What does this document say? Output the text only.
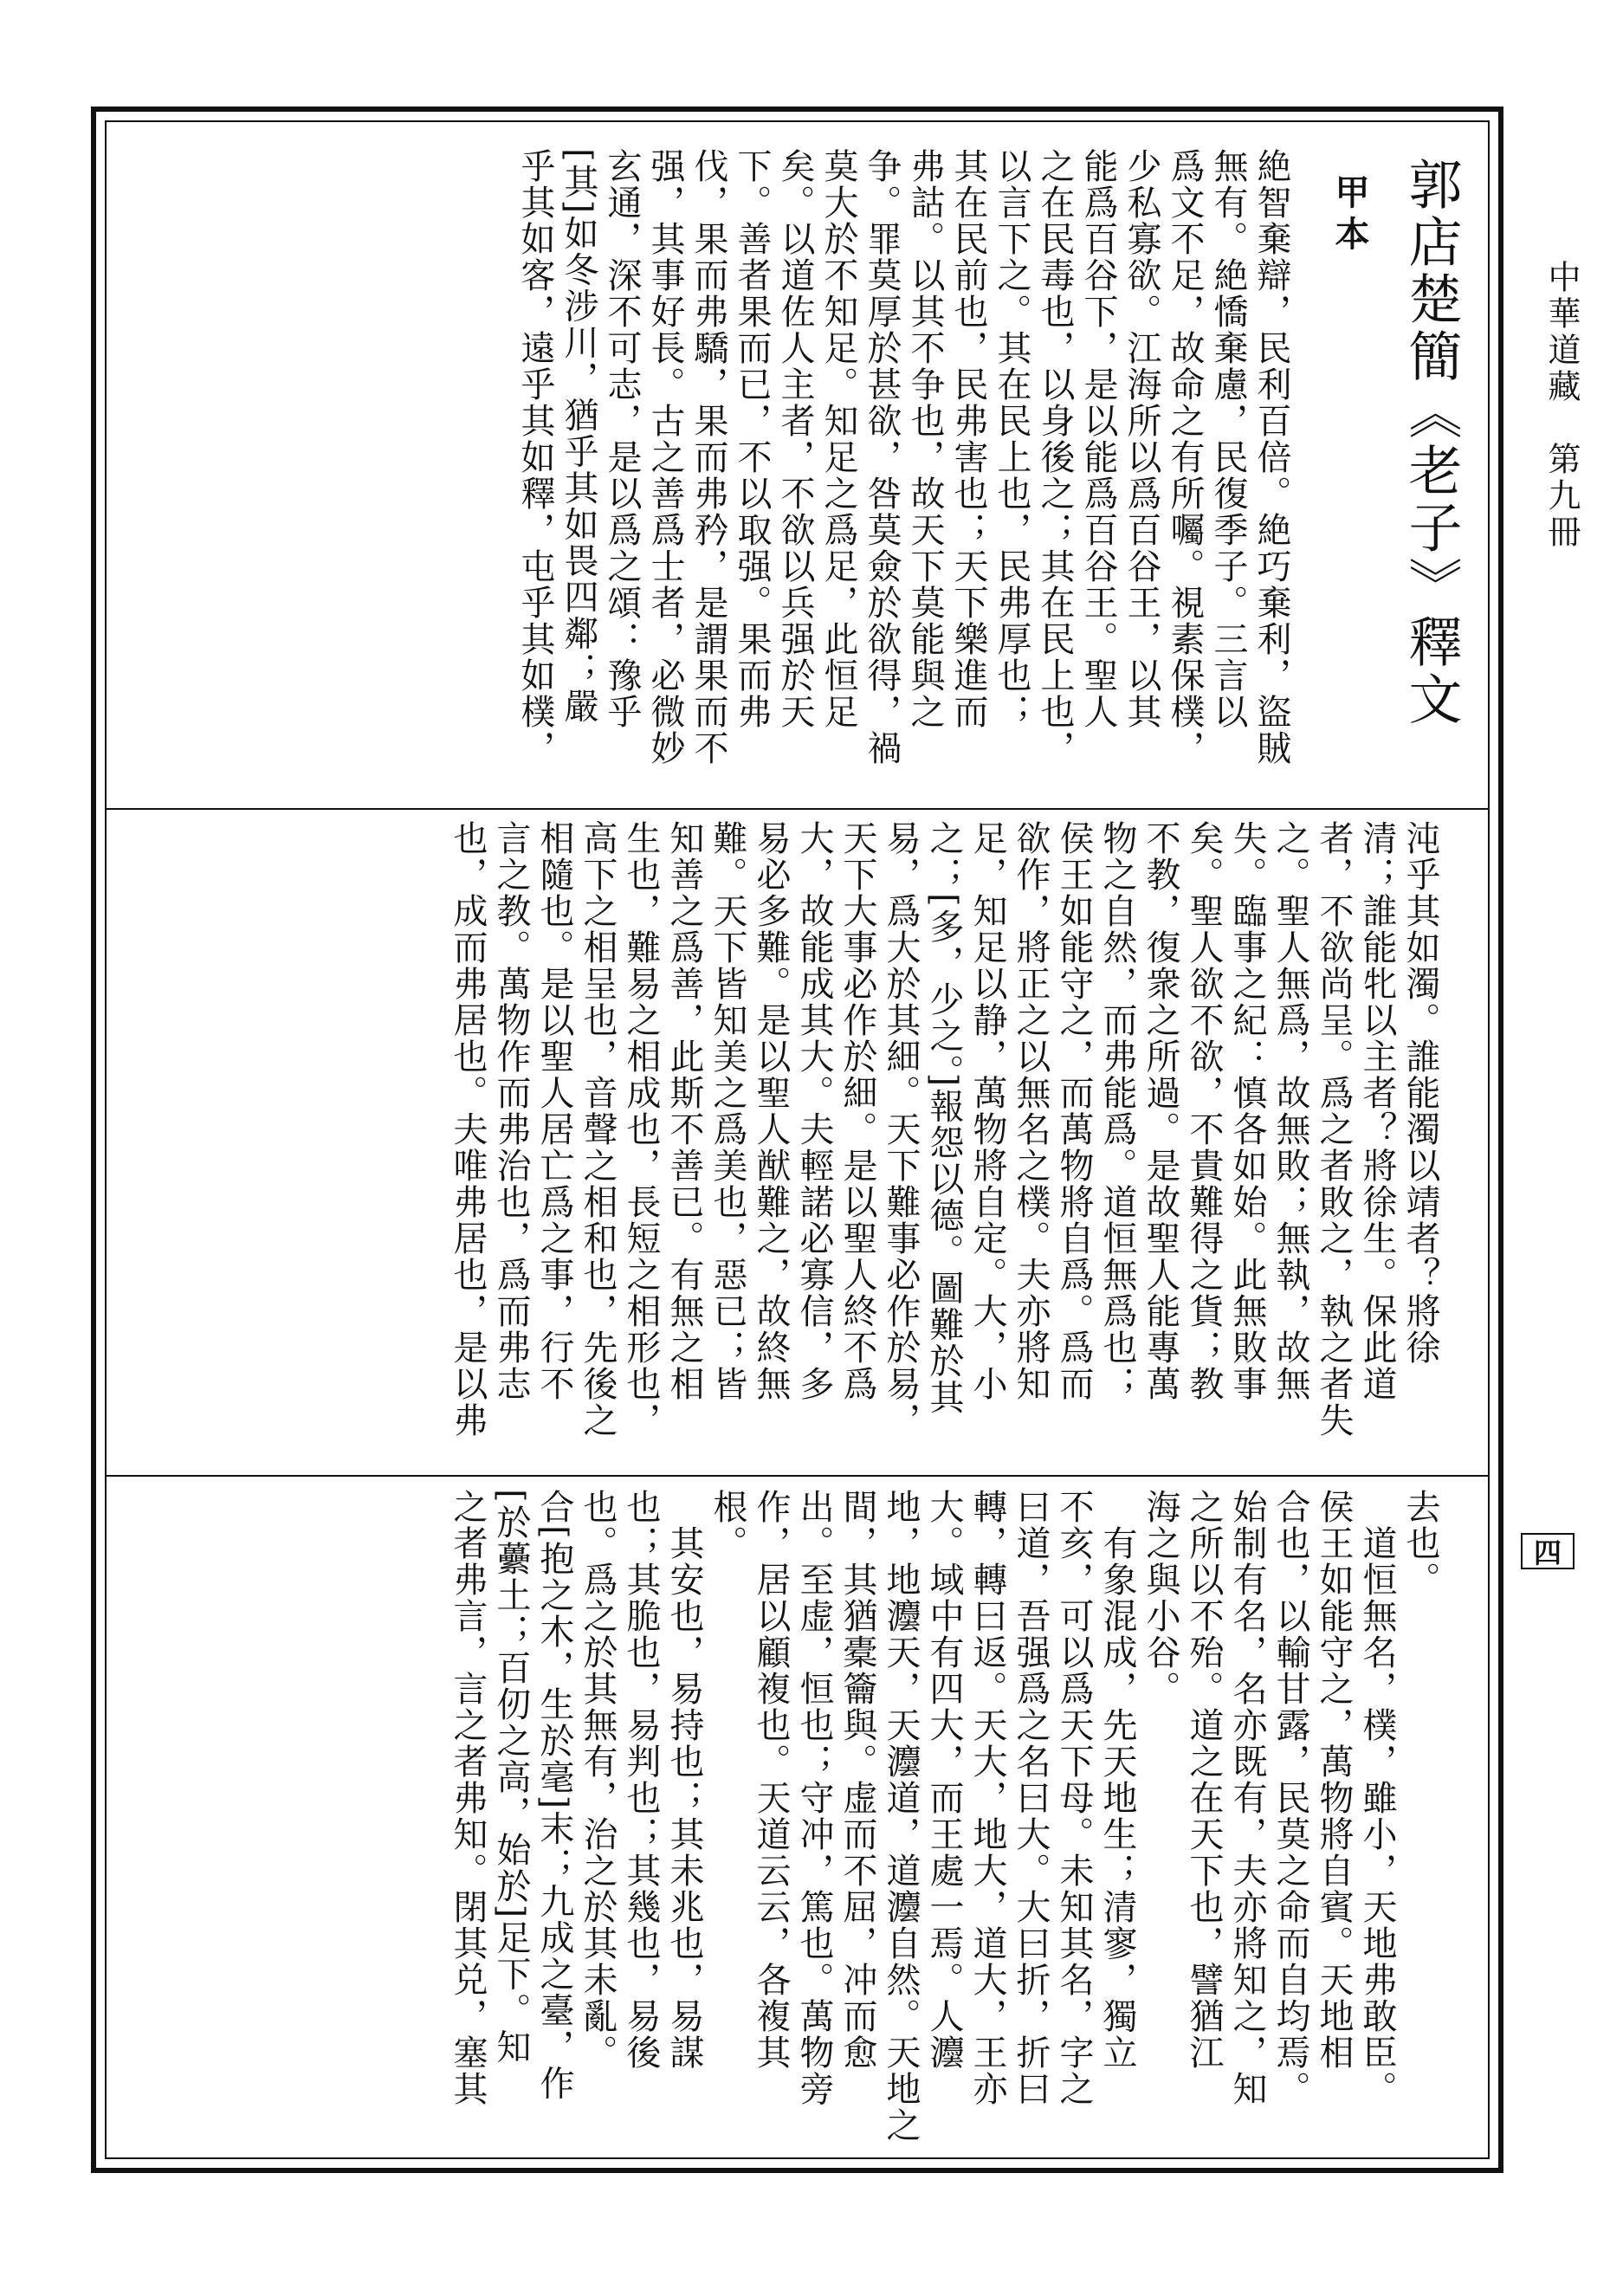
郭店楚簡《老子》釋文
甲本
絶智棄辯，民利百倍。絶巧棄利，盜賊
無有。絶憍棄慮，民復季子。三言以
爲文不足，故命之有所囑。視素保樸，
少私寡欲。江海所以爲百谷王，以其
能爲百谷下，是以能爲百谷王。聖人
之在民毒也，以身後之；其在民上也，
以言下之。其在民上也，民弗厚也；
其在民前也，民弗害也；天下樂進而
弗詁。以其不争也，故天下莫能與之
争。罪莫厚於甚欲，咎莫僉於欲得，禍
莫大於不知足。知足之爲足，此恒足
矣。以道佐人主者，不欲以兵强於天
下。善者果而已，不以取强。果而弗
伐，果而弗驕，果而弗矜，是謂果而不
强，其事好長。古之善爲士者，必微妙
玄通，深不可志，是以爲之頌：豫乎
[其]如冬涉川，猶乎其如畏四鄰；嚴
乎其如客，遠乎其如釋，屯乎其如樸，
沌乎其如濁。誰能濁以靖者？將徐
清；誰能牝以主者？將徐生。保此道
者，不欲尚呈。爲之者敗之，執之者失
之。聖人無爲，故無敗；無執，故無
失。臨事之紀：慎各如始。此無敗事
矣。聖人欲不欲，不貴難得之貨；教
不教，復衆之所過。是故聖人能專萬
物之自然，而弗能爲。道恒無爲也；
侯王如能守之，而萬物將自爲。爲而
欲作，將正之以無名之樸。夫亦將知
足，知足以静，萬物將自定。大，小
之；[多，少之。]報怨以德。圖難於其
易，爲大於其細。天下難事必作於易，
天下大事必作於細。是以聖人終不爲
大，故能成其大。夫輕諾必寡信，多
易必多難。是以聖人猷難之，故終無
難。天下皆知美之爲美也，惡已；皆
知善之爲善，此斯不善已。有無之相
生也，難易之相成也，長短之相形也，
高下之相呈也，音聲之相和也，先後之
相隨也。是以聖人居亡爲之事，行不
言之教。萬物作而弗治也，爲而弗志
也，成而弗居也。夫唯弗居也，是以弗
去也。
　道恒無名，樸，雖小，天地弗敢臣。
侯王如能守之，萬物將自賓。天地相
合也，以輸甘露，民莫之命而自均焉。
始制有名，名亦既有，夫亦將知之，知
之所以不殆。道之在天下也，譬猶江
海之與小谷。
　有象混成，先天地生；清寥，獨立
不亥，可以爲天下母。未知其名，字之
曰道，吾强爲之名曰大。大曰折，折曰
轉，轉曰返。天大，地大，道大，王亦
大。域中有四大，而王處一焉。人灋
地，地灋天，天灋道，道灋自然。天地之
間，其猶橐籥與。虚而不屈，冲而愈
出。至虚，恒也；守冲，篤也。萬物旁
作，居以顧複也。天道云云，各複其
根。
　其安也，易持也；其未兆也，易謀
也；其脆也，易判也；其幾也，易後
也。爲之於其無有，治之於其未亂。
合[抱之木，生於毫]末；九成之臺，作
[於虆土；百仞之高，始於]足下。知
之者弗言，言之者弗知。閉其兑，塞其
中華道藏　第九冊
四
